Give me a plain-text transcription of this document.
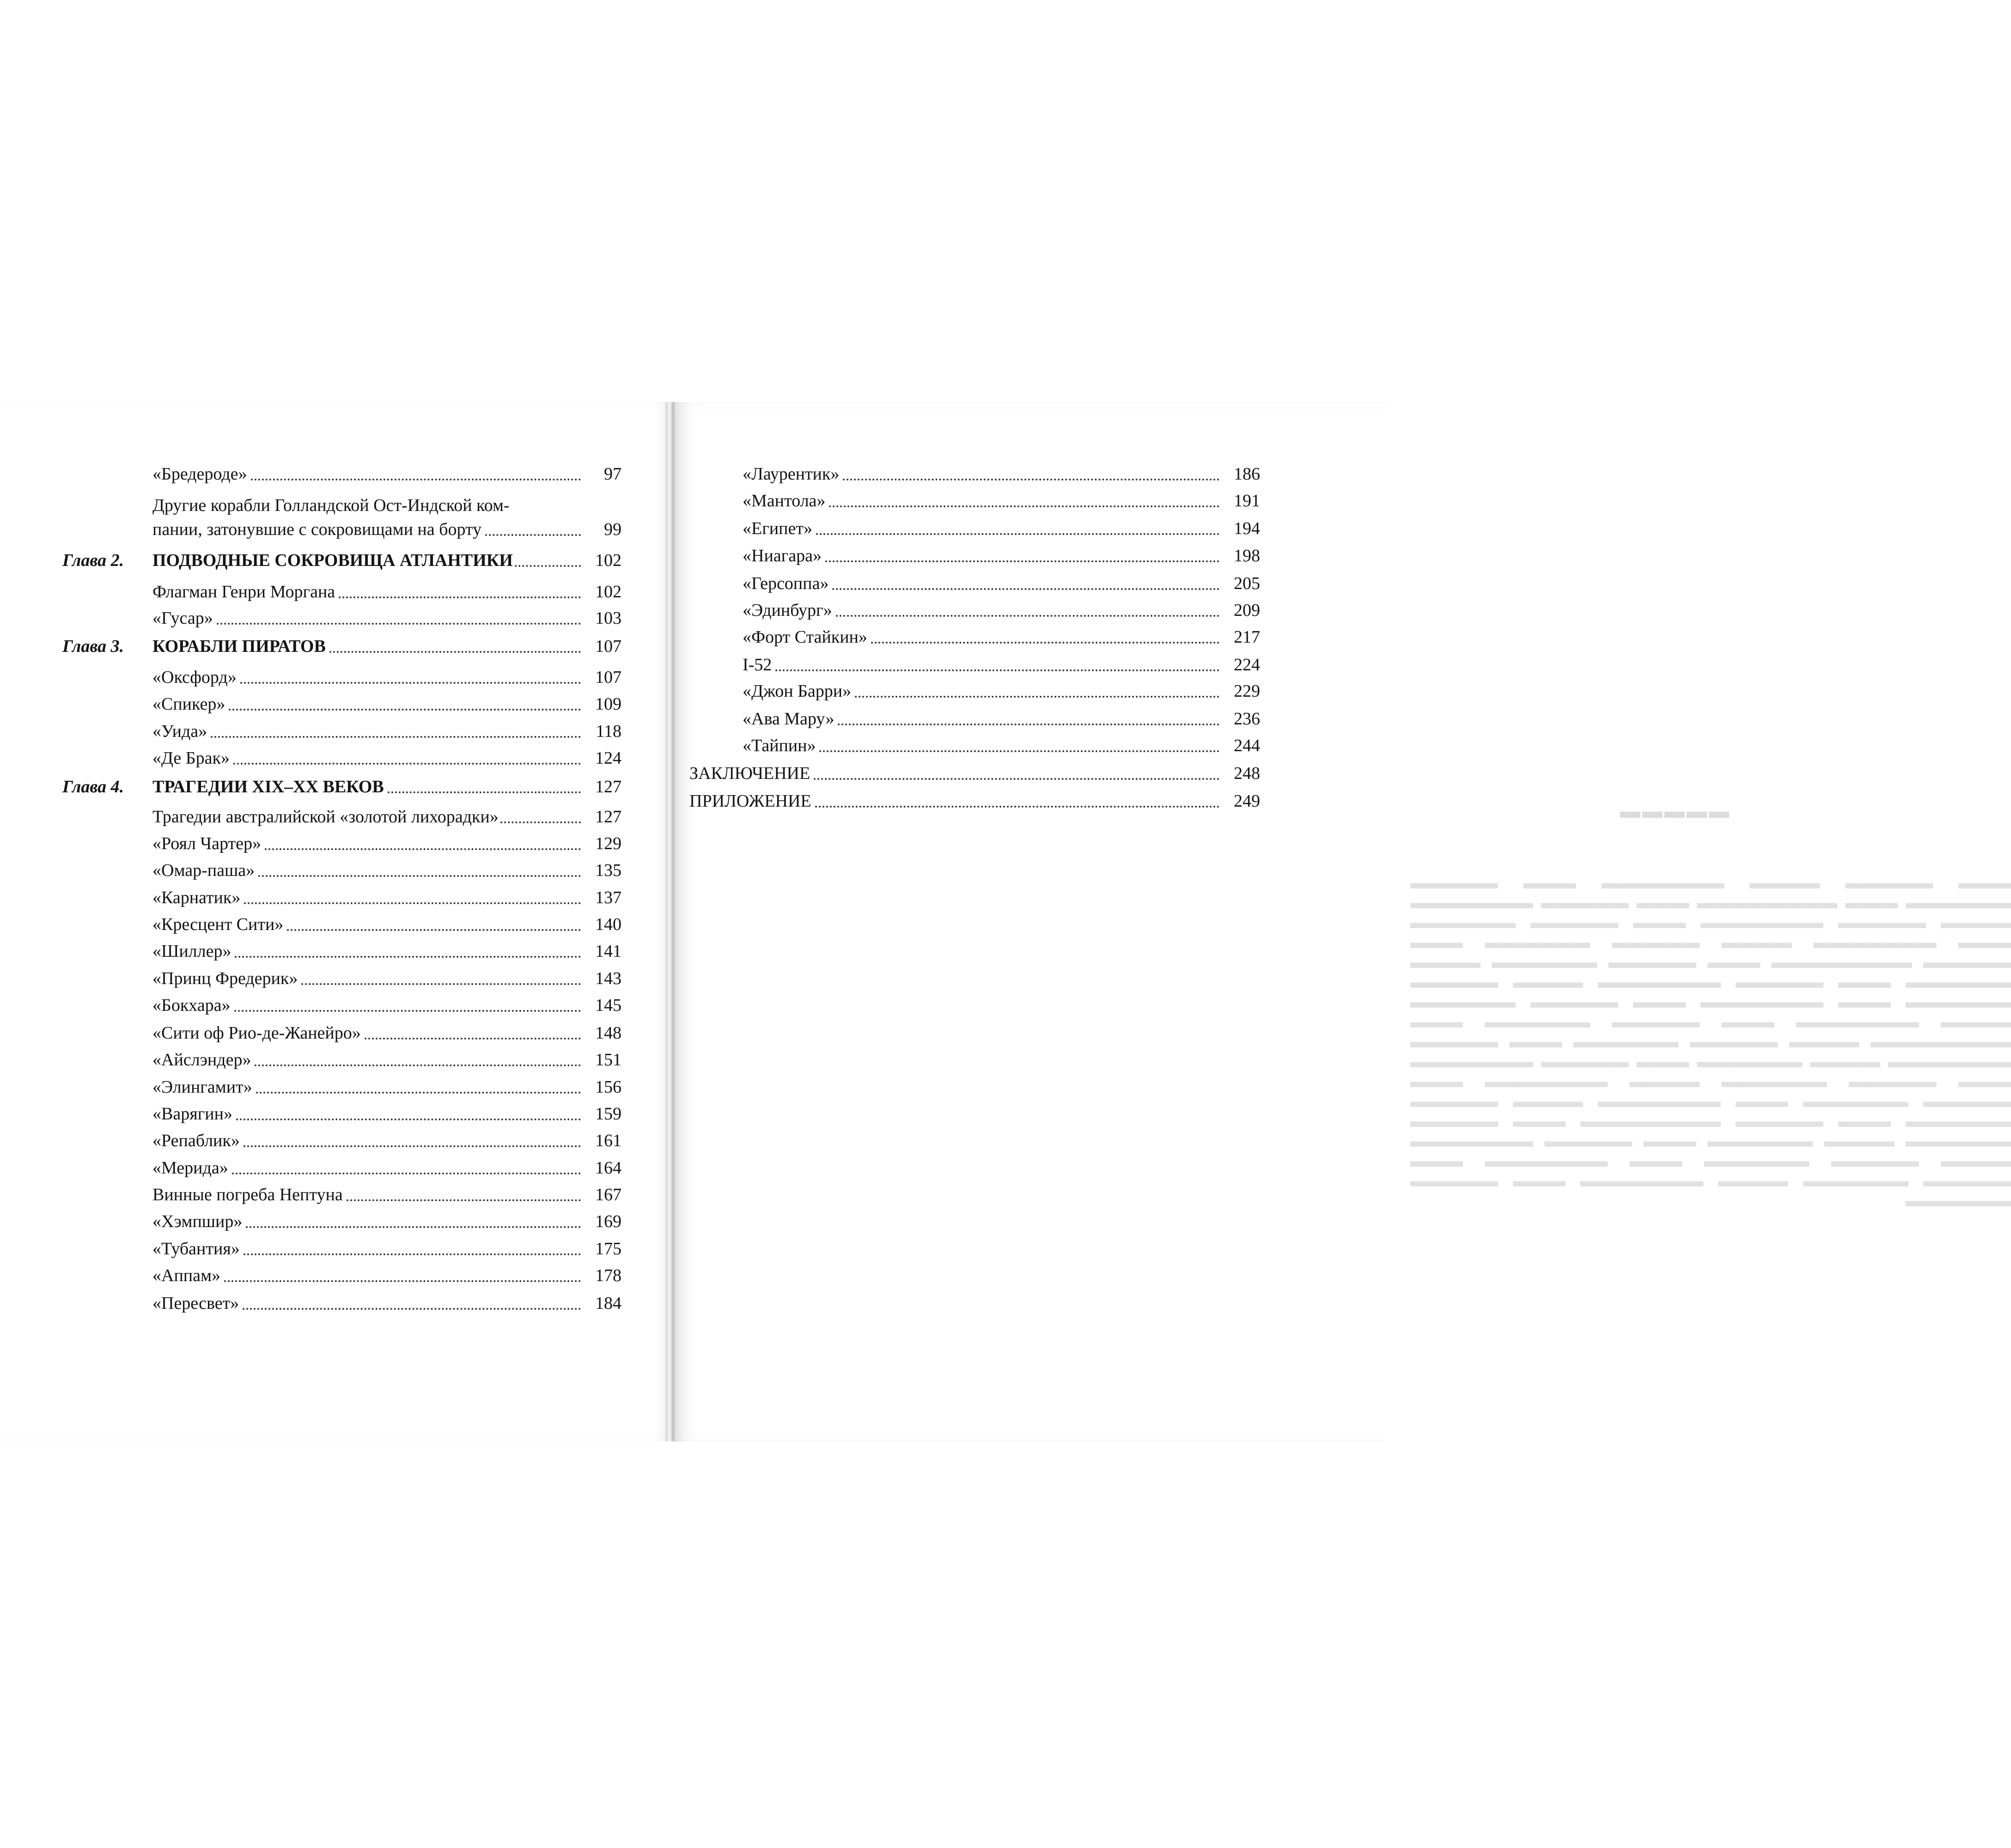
«Бредероде»	97
Другие корабли Голландской Ост-Индской ком-
пании, затонувшие с сокровищами на борту	99
Глава 2. ПОДВОДНЫЕ СОКРОВИЩА АТЛАНТИКИ	102
Флагман Генри Моргана	102
«Гусар»	103
Глава 3. КОРАБЛИ ПИРАТОВ	107
«Оксфорд»	107
«Спикер»	109
«Уида»	118
«Де Брак»	124
Глава 4. ТРАГЕДИИ XIX–XX ВЕКОВ	127
Трагедии австралийской «золотой лихорадки»	127
«Роял Чартер»	129
«Омар-паша»	135
«Карнатик»	137
«Кресцент Сити»	140
«Шиллер»	141
«Принц Фредерик»	143
«Бокхара»	145
«Сити оф Рио-де-Жанейро»	148
«Айслэндер»	151
«Элингамит»	156
«Варягин»	159
«Репаблик»	161
«Мерида»	164
Винные погреба Нептуна	167
«Хэмпшир»	169
«Тубантия»	175
«Аппам»	178
«Пересвет»	184
▬▬▬▬▬
▬▬▬ ▬▬▬▬▬ ▬▬▬▬ ▬▬▬▬▬▬▬ ▬▬▬ ▬▬▬▬▬ ▬▬▬▬▬▬ ▬▬▬ ▬▬▬▬▬▬▬▬ ▬▬▬ ▬▬▬▬▬ ▬▬▬▬▬▬▬ ▬▬▬▬ ▬▬▬▬▬ ▬▬▬▬▬▬▬ ▬▬▬ ▬▬▬▬▬ ▬▬▬▬▬▬ ▬▬▬ ▬▬▬▬▬▬▬ ▬▬▬▬ ▬▬▬▬▬ ▬▬▬▬▬▬ ▬▬▬ ▬▬▬▬▬ ▬▬▬▬▬▬▬▬ ▬▬▬ ▬▬▬▬▬ ▬▬▬▬▬▬ ▬▬▬▬ ▬▬▬▬▬▬ ▬▬▬ ▬▬▬▬▬ ▬▬▬▬▬▬▬ ▬▬▬▬ ▬▬▬▬▬ ▬▬▬▬▬▬ ▬▬▬ ▬▬▬▬▬▬▬ ▬▬▬ ▬▬▬▬▬ ▬▬▬▬▬▬ ▬▬▬▬ ▬▬▬▬▬▬▬ ▬▬▬ ▬▬▬▬▬ ▬▬▬▬▬▬ ▬▬▬ ▬▬▬▬▬▬▬▬ ▬▬▬▬ ▬▬▬▬▬ ▬▬▬▬▬▬ ▬▬▬ ▬▬▬▬▬ ▬▬▬▬▬▬▬ ▬▬▬▬ ▬▬▬▬▬▬ ▬▬▬ ▬▬▬▬▬ ▬▬▬▬▬▬▬ ▬▬▬ ▬▬▬▬▬ ▬▬▬▬▬▬ ▬▬▬▬ ▬▬▬▬▬▬▬ ▬▬▬ ▬▬▬▬▬ ▬▬▬▬▬▬ ▬▬▬ ▬▬▬▬▬▬▬ ▬▬▬▬ ▬▬▬▬▬ ▬▬▬▬▬▬ ▬▬▬ ▬▬▬▬▬ ▬▬▬▬▬▬▬▬ ▬▬▬ ▬▬▬▬▬ ▬▬▬▬▬▬ ▬▬▬▬ ▬▬▬▬▬▬ ▬▬▬ ▬▬▬▬▬ ▬▬▬▬▬▬▬ ▬▬▬▬ ▬▬▬▬▬ ▬▬▬▬▬▬ ▬▬▬ ▬▬▬▬▬▬▬ ▬▬▬ ▬▬▬▬▬ ▬▬▬▬▬▬ ▬▬▬▬ ▬▬▬▬▬▬▬ ▬▬▬ ▬▬▬▬▬ ▬▬▬▬▬▬
«Лаурентик»	186
«Мантола»	191
«Египет»	194
«Ниагара»	198
«Герсоппа»	205
«Эдинбург»	209
«Форт Стайкин»	217
I-52	224
«Джон Барри»	229
«Ава Мару»	236
«Тайпин»	244
ЗАКЛЮЧЕНИЕ	248
ПРИЛОЖЕНИЕ	249
